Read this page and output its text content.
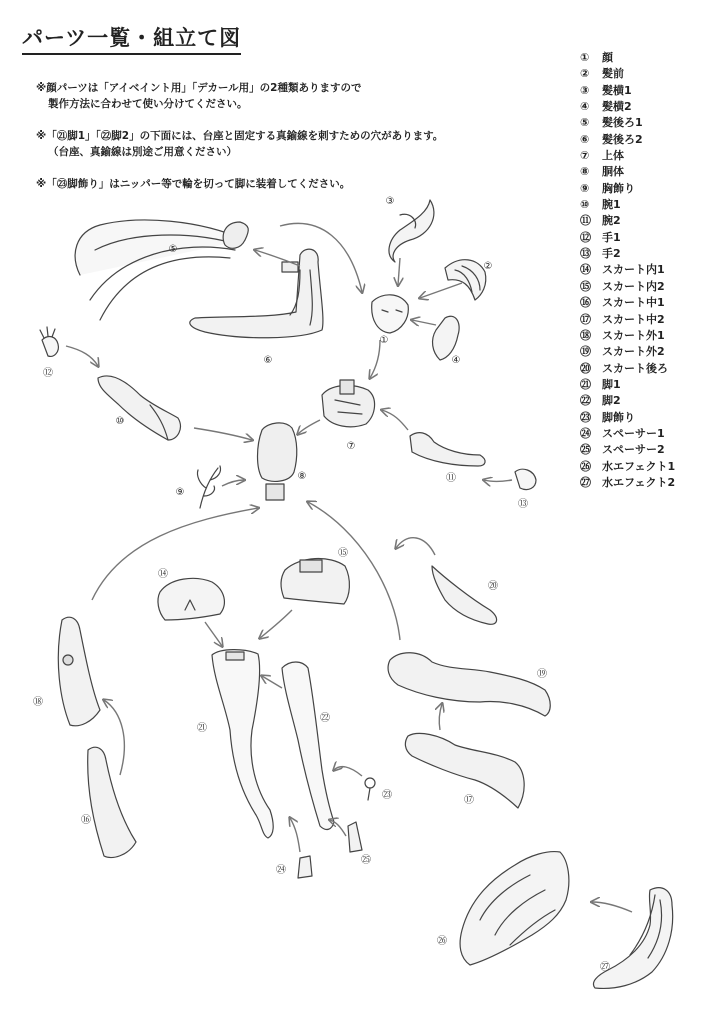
パーツ一覧・組立て図

※顔パーツは「アイベイント用」「デカール用」の2種類ありますので
製作方法に合わせて使い分けてください。

※「㉑脚1」「㉒脚2」の下面には、台座と固定する真鍮線を刺すための穴があります。
（台座、真鍮線は別途ご用意ください）

※「㉓脚飾り」はニッパー等で輪を切って脚に装着してください。

① 顔
② 髪前
③ 髪横1
④ 髪横2
⑤ 髪後ろ1
⑥ 髪後ろ2
⑦ 上体
⑧ 胴体
⑨ 胸飾り
⑩ 腕1
⑪ 腕2
⑫ 手1
⑬ 手2
⑭ スカート内1
⑮ スカート内2
⑯ スカート中1
⑰ スカート中2
⑱ スカート外1
⑲ スカート外2
⑳ スカート後ろ
㉑ 脚1
㉒ 脚2
㉓ 脚飾り
㉔ スペーサー1
㉕ スペーサー2
㉖ 水エフェクト1
㉗ 水エフェクト2
①
②
③
④
⑤
⑥
⑦
⑧
⑨
⑩
⑪
⑫
⑬
⑭
⑮
⑯
⑰
⑱
⑲
⑳
㉑
㉒
㉓
㉔
㉕
㉖
㉗
